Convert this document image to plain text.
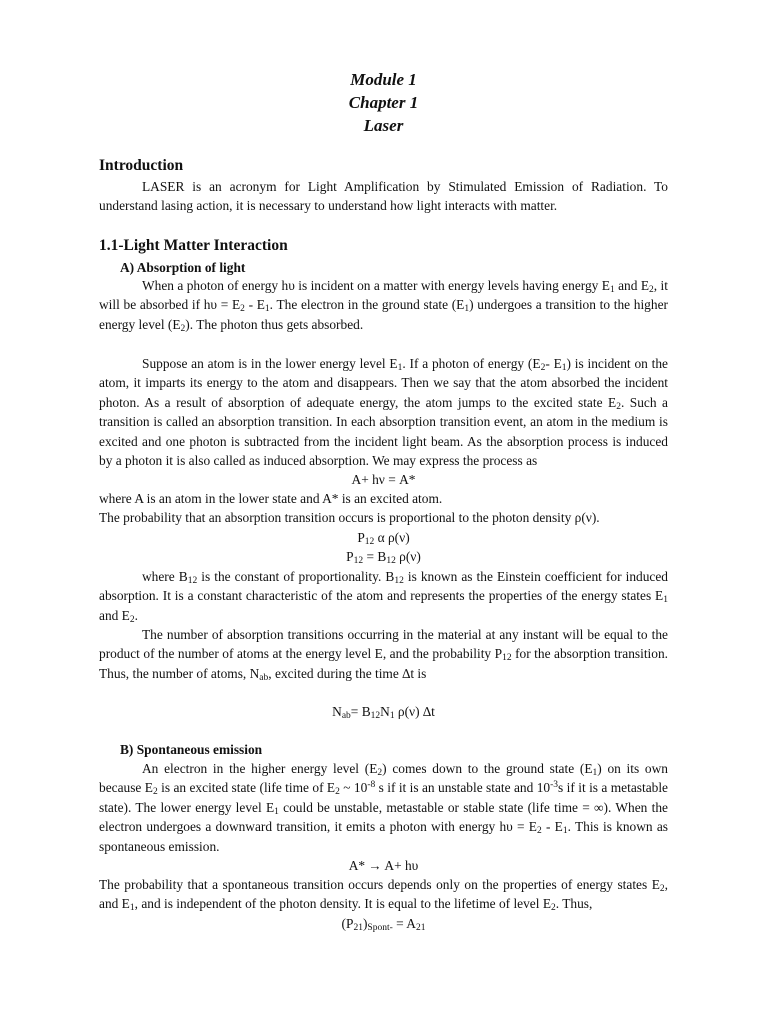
Module 1
Chapter 1
Laser
Introduction

LASER is an acronym for Light Amplification by Stimulated Emission of Radiation. To understand lasing action, it is necessary to understand how light interacts with matter.

1.1-Light Matter Interaction
A) Absorption of light

When a photon of energy hυ is incident on a matter with energy levels having energy $E_1$ and $E_2$, it will be absorbed if $h\upsilon = E_2 - E_1$. The electron in the ground state $(E_1)$ undergoes a transition to the higher energy level $(E_2)$. The photon thus gets absorbed.

Suppose an atom is in the lower energy level $E_1$. If a photon of energy ($E_2-$ $E_1$) is incident on the atom, it imparts its energy to the atom and disappears. Then we say that the atom absorbed the incident photon. As a result of absorption of adequate energy, the atom jumps to the excited state $E_2$. Such a transition is called an absorption transition. In each absorption transition event, an atom in the medium is excited and one photon is subtracted from the incident light beam. As the absorption process is induced by a photon it is also called as induced absorption. We may express the process as

A+ hν = A*
where A is an atom in the lower state and A* is an excited atom.
The probability that an absorption transition occurs is proportional to the photon density ρ(ν).
$P_{12}$ α ρ(ν)
$P_{12} = B_{12}$ ρ(ν)

where $B_{12}$ is the constant of proportionality. $B_{12}$ is known as the Einstein coefficient for induced absorption. It is a constant characteristic of the atom and represents the properties of the energy states $E_1$ and $E_2$.

The number of absorption transitions occurring in the material at any instant will be equal to the product of the number of atoms at the energy level E, and the probability $P_{12}$ for the absorption transition. Thus, the number of atoms, $N_{ab}$, excited during the time ∆t is

$N_{ab}= B_{12}N_1$ ρ(ν) ∆t
B) Spontaneous emission

An electron in the higher energy level $(E_2)$ comes down to the ground state $(E_1)$ on its own because $E_2$ is an excited state (life time of $E_2$ ~ $10^{-8}$ s if it is an unstable state and $10^{-3}s$ if it is a metastable state). The lower energy level $E_1$ could be unstable, metastable or stable state (life time = ∞). When the electron undergoes a downward transition, it emits a photon with energy $h\upsilon = E_2 - E_1$. This is known as spontaneous emission.

A* → A+ hυ

The probability that a spontaneous transition occurs depends only on the properties of energy states $E_2$, and $E_1$, and is independent of the photon density. It is equal to the lifetime of level $E_2$. Thus,

$(P_{21})_{Spont-} = A_{21}$
